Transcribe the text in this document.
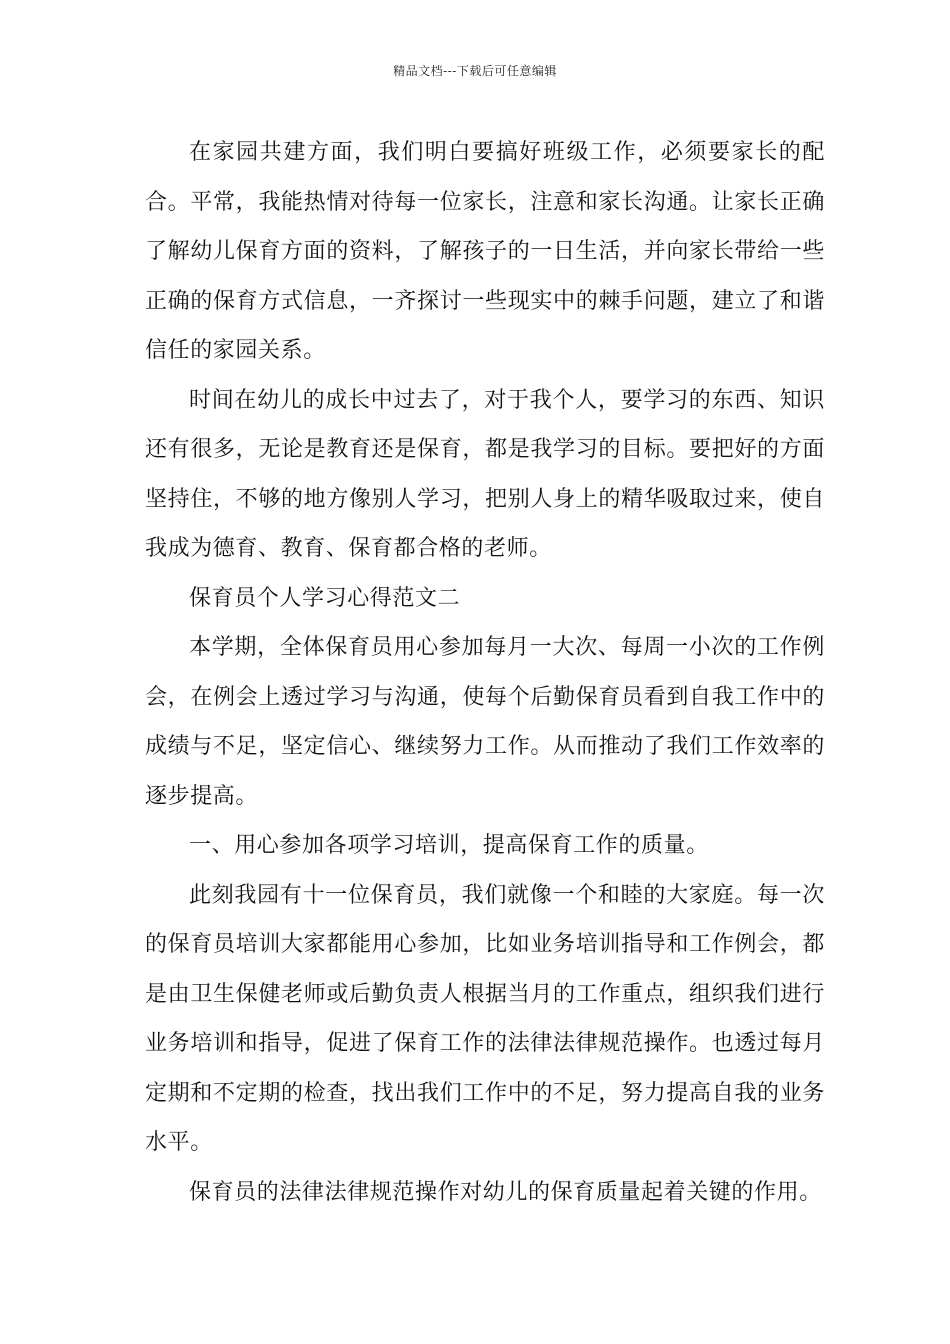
精品文档---下载后可任意编辑

在家园共建方面，我们明白要搞好班级工作，必须要家长的配合。平常，我能热情对待每一位家长，注意和家长沟通。让家长正确了解幼儿保育方面的资料，了解孩子的一日生活，并向家长带给一些正确的保育方式信息，一齐探讨一些现实中的棘手问题，建立了和谐信任的家园关系。

时间在幼儿的成长中过去了，对于我个人，要学习的东西、知识还有很多，无论是教育还是保育，都是我学习的目标。要把好的方面坚持住，不够的地方像别人学习，把别人身上的精华吸取过来，使自我成为德育、教育、保育都合格的老师。

保育员个人学习心得范文二

本学期，全体保育员用心参加每月一大次、每周一小次的工作例会，在例会上透过学习与沟通，使每个后勤保育员看到自我工作中的成绩与不足，坚定信心、继续努力工作。从而推动了我们工作效率的逐步提高。

一、用心参加各项学习培训，提高保育工作的质量。

此刻我园有十一位保育员，我们就像一个和睦的大家庭。每一次的保育员培训大家都能用心参加，比如业务培训指导和工作例会，都是由卫生保健老师或后勤负责人根据当月的工作重点，组织我们进行业务培训和指导，促进了保育工作的法律法律规范操作。也透过每月定期和不定期的检查，找出我们工作中的不足，努力提高自我的业务水平。

保育员的法律法律规范操作对幼儿的保育质量起着关键的作用。
